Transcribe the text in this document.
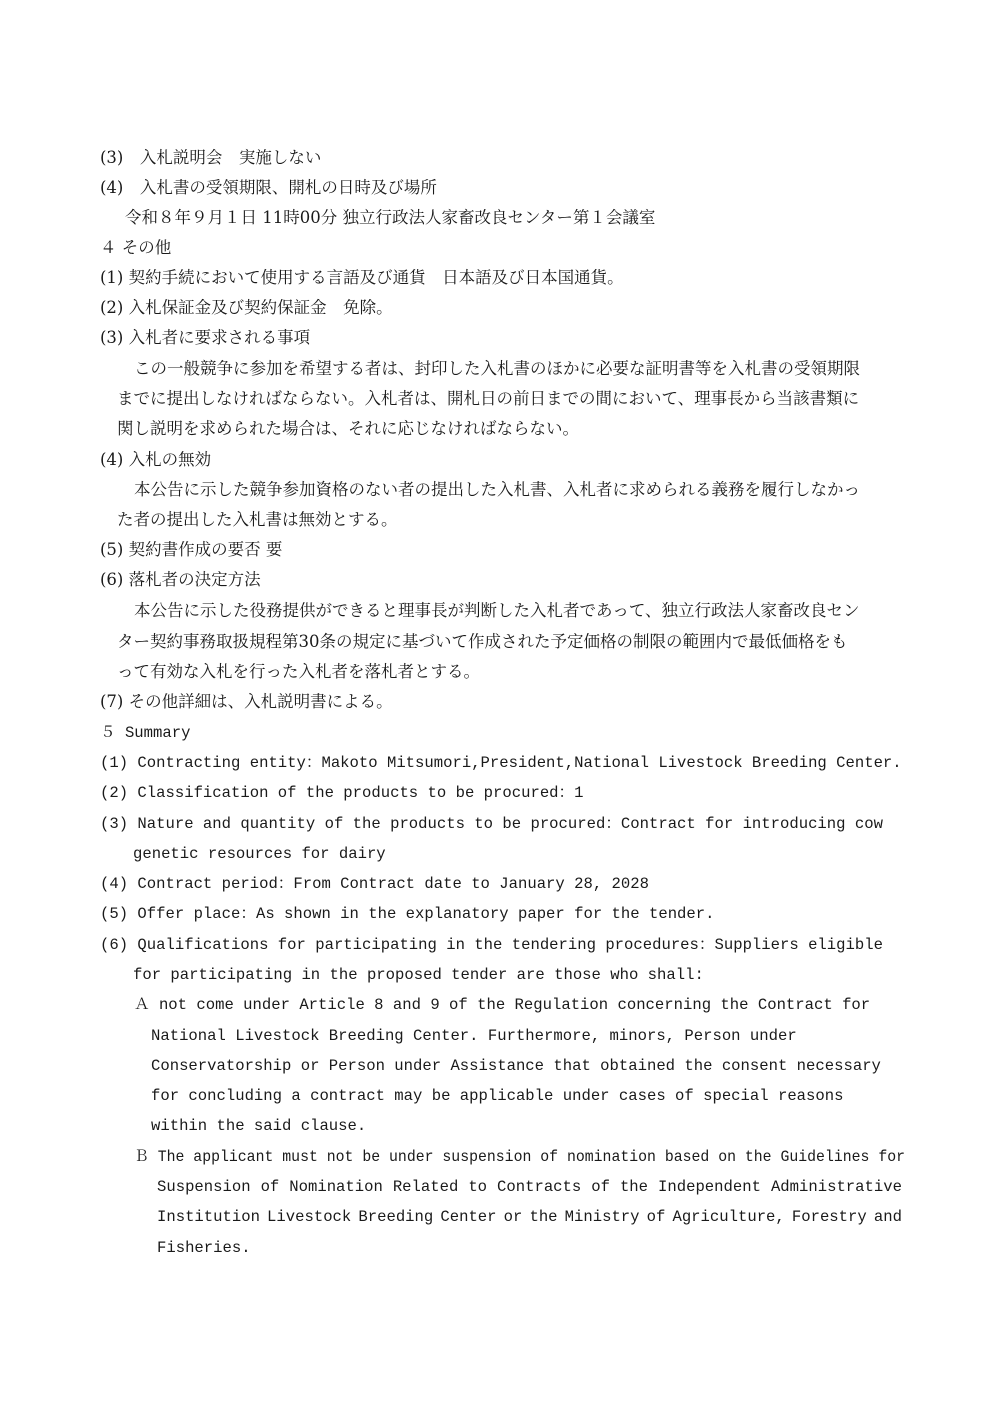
(3)　入札説明会　実施しない
(4)　入札書の受領期限、開札の日時及び場所
令和８年９月１日 11時00分 独立行政法人家畜改良センター第１会議室
４ その他
(1) 契約手続において使用する言語及び通貨　日本語及び日本国通貨。
(2) 入札保証金及び契約保証金　免除。
(3) 入札者に要求される事項
この一般競争に参加を希望する者は、封印した入札書のほかに必要な証明書等を入札書の受領期限
までに提出しなければならない。入札者は、開札日の前日までの間において、理事長から当該書類に
関し説明を求められた場合は、それに応じなければならない。
(4) 入札の無効
本公告に示した競争参加資格のない者の提出した入札書、入札者に求められる義務を履行しなかっ
た者の提出した入札書は無効とする。
(5) 契約書作成の要否 要
(6) 落札者の決定方法
本公告に示した役務提供ができると理事長が判断した入札者であって、独立行政法人家畜改良セン
ター契約事務取扱規程第30条の規定に基づいて作成された予定価格の制限の範囲内で最低価格をも
って有効な入札を行った入札者を落札者とする。
(7) その他詳細は、入札説明書による。
５ Summary
(1) Contracting entity：Makoto Mitsumori,President,National Livestock Breeding Center.
(2) Classification of the products to be procured：1
(3) Nature and quantity of the products to be procured：Contract for introducing cow
genetic resources for dairy
(4) Contract period：From Contract date to January 28, 2028
(5) Offer place：As shown in the explanatory paper for the tender.
(6) Qualifications for participating in the tendering procedures：Suppliers eligible
for participating in the proposed tender are those who shall:
Ａ not come under Article 8 and 9 of the Regulation concerning the Contract for
National Livestock Breeding Center. Furthermore, minors, Person under
Conservatorship or Person under Assistance that obtained the consent necessary
for concluding a contract may be applicable under cases of special reasons
within the said clause.
Ｂ The applicant must not be under suspension of nomination based on the Guidelines for
Suspension of Nomination Related to Contracts of the Independent Administrative
Institution Livestock Breeding Center or the Ministry of Agriculture, Forestry and
Fisheries.
